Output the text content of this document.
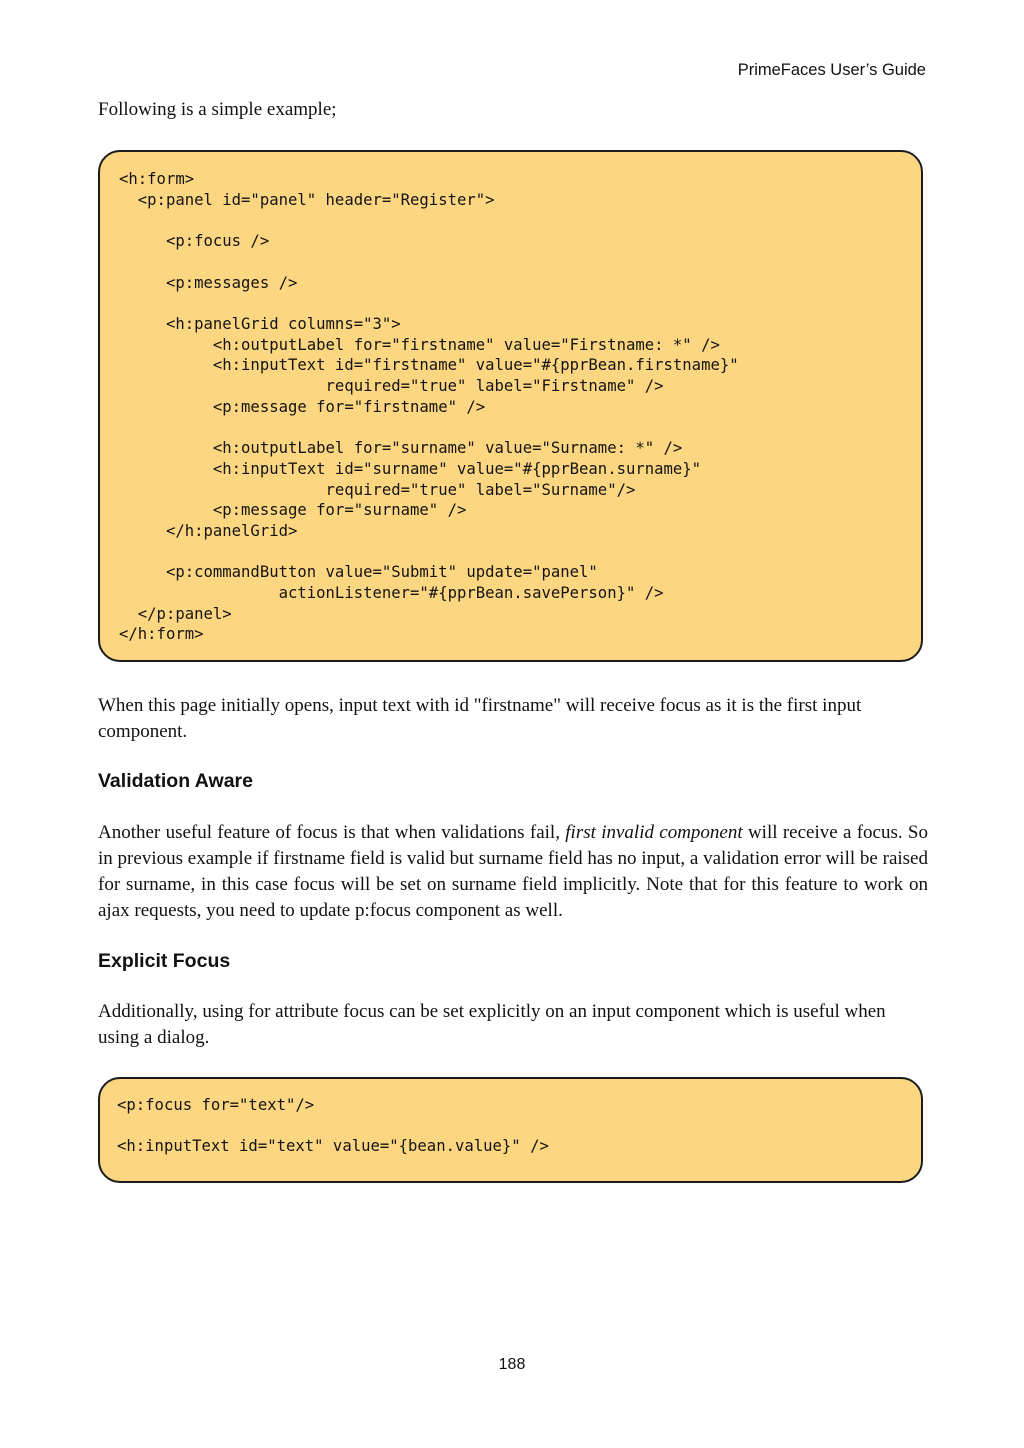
PrimeFaces User’s Guide

Following is a simple example;

<h:form>
<p:panel id="panel" header="Register">

<p:focus />

<p:messages />

<h:panelGrid columns="3">
<h:outputLabel for="firstname" value="Firstname: *" />
<h:inputText id="firstname" value="#{pprBean.firstname}"
required="true" label="Firstname" />
<p:message for="firstname" />

<h:outputLabel for="surname" value="Surname: *" />
<h:inputText id="surname" value="#{pprBean.surname}"
required="true" label="Surname"/>
<p:message for="surname" />
</h:panelGrid>

<p:commandButton value="Submit" update="panel"
actionListener="#{pprBean.savePerson}" />
</p:panel>
</h:form>

When this page initially opens, input text with id "firstname" will receive focus as it is the first input component.

Validation Aware

Another useful feature of focus is that when validations fail, first invalid component will receive a focus. So in previous example if firstname field is valid but surname field has no input, a validation error will be raised for surname, in this case focus will be set on surname field implicitly. Note that for this feature to work on ajax requests, you need to update p:focus component as well.

Explicit Focus

Additionally, using for attribute focus can be set explicitly on an input component which is useful when using a dialog.

<p:focus for="text"/>

<h:inputText id="text" value="{bean.value}" />

188
